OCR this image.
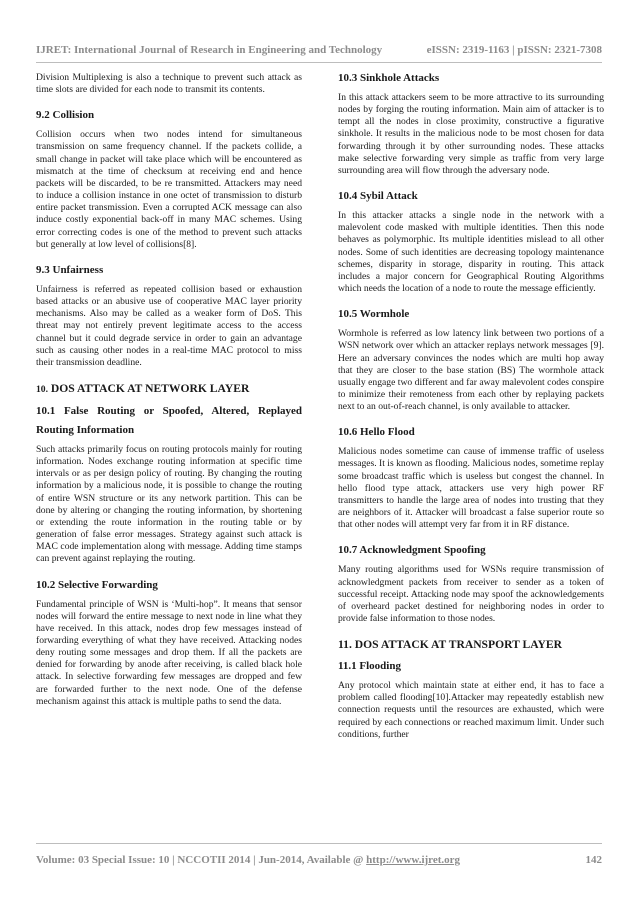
IJRET: International Journal of Research in Engineering and Technology	eISSN: 2319-1163 | pISSN: 2321-7308

Division Multiplexing is also a technique to prevent such attack as time slots are divided for each node to transmit its contents.

9.2 Collision

Collision occurs when two nodes intend for simultaneous transmission on same frequency channel. If the packets collide, a small change in packet will take place which will be encountered as mismatch at the time of checksum at receiving end and hence packets will be discarded, to be re transmitted. Attackers may need to induce a collision instance in one octet of transmission to disturb entire packet transmission. Even a corrupted ACK message can also induce costly exponential back-off in many MAC schemes. Using error correcting codes is one of the method to prevent such attacks but generally at low level of collisions[8].

9.3 Unfairness

Unfairness is referred as repeated collision based or exhaustion based attacks or an abusive use of cooperative MAC layer priority mechanisms. Also may be called as a weaker form of DoS. This threat may not entirely prevent legitimate access to the access channel but it could degrade service in order to gain an advantage such as causing other nodes in a real-time MAC protocol to miss their transmission deadline.

10. DOS ATTACK AT NETWORK LAYER
10.1 False Routing or Spoofed, Altered, Replayed
Routing Information

Such attacks primarily focus on routing protocols mainly for routing information. Nodes exchange routing information at specific time intervals or as per design policy of routing. By changing the routing information by a malicious node, it is possible to change the routing of entire WSN structure or its any network partition. This can be done by altering or changing the routing information, by shortening or extending the route information in the routing table or by generation of false error messages. Strategy against such attack is MAC code implementation along with message. Adding time stamps can prevent against replaying the routing.

10.2 Selective Forwarding

Fundamental principle of WSN is ‘Multi-hop”. It means that sensor nodes will forward the entire message to next node in line what they have received. In this attack, nodes drop few messages instead of forwarding everything of what they have received. Attacking nodes deny routing some messages and drop them. If all the packets are denied for forwarding by anode after receiving, is called black hole attack. In selective forwarding few messages are dropped and few are forwarded further to the next node. One of the defense mechanism against this attack is multiple paths to send the data.

10.3 Sinkhole Attacks

In this attack attackers seem to be more attractive to its surrounding nodes by forging the routing information. Main aim of attacker is to tempt all the nodes in close proximity, constructive a figurative sinkhole. It results in the malicious node to be most chosen for data forwarding through it by other surrounding nodes. These attacks make selective forwarding very simple as traffic from very large surrounding area will flow through the adversary node.

10.4 Sybil Attack

In this attacker attacks a single node in the network with a malevolent code masked with multiple identities. Then this node behaves as polymorphic. Its multiple identities mislead to all other nodes. Some of such identities are decreasing topology maintenance schemes, disparity in storage, disparity in routing. This attack includes a major concern for Geographical Routing Algorithms which needs the location of a node to route the message efficiently.

10.5 Wormhole

Wormhole is referred as low latency link between two portions of a WSN network over which an attacker replays network messages [9]. Here an adversary convinces the nodes which are multi hop away that they are closer to the base station (BS) The wormhole attack usually engage two different and far away malevolent codes conspire to minimize their remoteness from each other by replaying packets next to an out-of-reach channel, is only available to attacker.

10.6 Hello Flood

Malicious nodes sometime can cause of immense traffic of useless messages. It is known as flooding. Malicious nodes, sometime replay some broadcast traffic which is useless but congest the channel. In hello flood type attack, attackers use very high power RF transmitters to handle the large area of nodes into trusting that they are neighbors of it. Attacker will broadcast a false superior route so that other nodes will attempt very far from it in RF distance.

10.7 Acknowledgment Spoofing

Many routing algorithms used for WSNs require transmission of acknowledgment packets from receiver to sender as a token of successful receipt. Attacking node may spoof the acknowledgements of overheard packet destined for neighboring nodes in order to provide false information to those nodes.

11. DOS ATTACK AT TRANSPORT LAYER
11.1 Flooding

Any protocol which maintain state at either end, it has to face a problem called flooding[10].Attacker may repeatedly establish new connection requests until the resources are exhausted, which were required by each connections or reached maximum limit. Under such conditions, further

Volume: 03 Special Issue: 10 | NCCOTII 2014 | Jun-2014, Available @ http://www.ijret.org	142
